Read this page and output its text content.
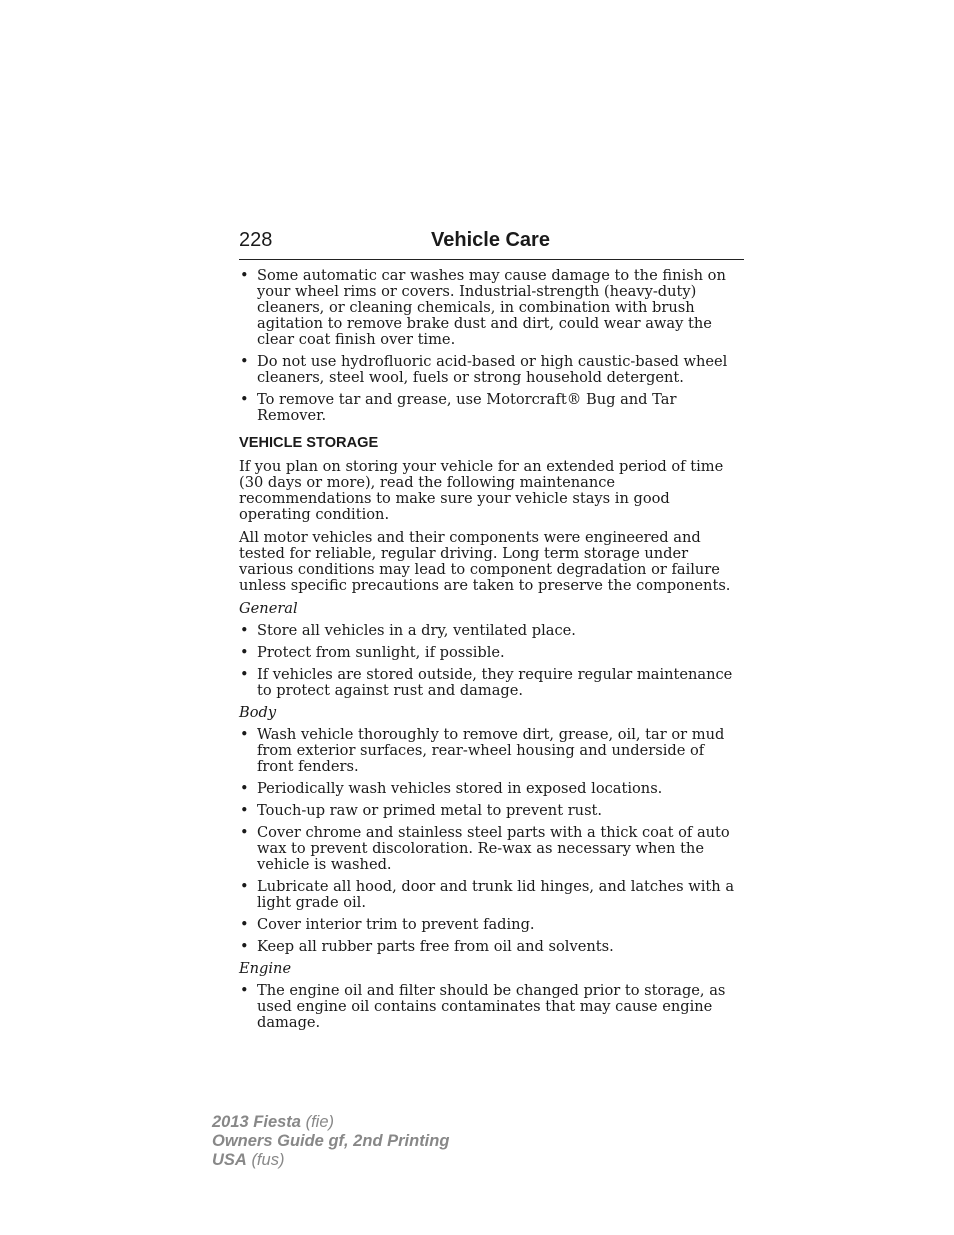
228	Vehicle Care
• Some automatic car washes may cause damage to the finish on your wheel rims or covers. Industrial-strength (heavy-duty) cleaners, or cleaning chemicals, in combination with brush agitation to remove brake dust and dirt, could wear away the clear coat finish over time.
• Do not use hydrofluoric acid-based or high caustic-based wheel cleaners, steel wool, fuels or strong household detergent.
• To remove tar and grease, use Motorcraft® Bug and Tar Remover.
VEHICLE STORAGE

If you plan on storing your vehicle for an extended period of time (30 days or more), read the following maintenance recommendations to make sure your vehicle stays in good operating condition.

All motor vehicles and their components were engineered and tested for reliable, regular driving. Long term storage under various conditions may lead to component degradation or failure unless specific precautions are taken to preserve the components.

General
• Store all vehicles in a dry, ventilated place.
• Protect from sunlight, if possible.
• If vehicles are stored outside, they require regular maintenance to protect against rust and damage.
Body
• Wash vehicle thoroughly to remove dirt, grease, oil, tar or mud from exterior surfaces, rear-wheel housing and underside of front fenders.
• Periodically wash vehicles stored in exposed locations.
• Touch-up raw or primed metal to prevent rust.
• Cover chrome and stainless steel parts with a thick coat of auto wax to prevent discoloration. Re-wax as necessary when the vehicle is washed.
• Lubricate all hood, door and trunk lid hinges, and latches with a light grade oil.
• Cover interior trim to prevent fading.
• Keep all rubber parts free from oil and solvents.
Engine
• The engine oil and filter should be changed prior to storage, as used engine oil contains contaminates that may cause engine damage.
2013 Fiesta (fie)
Owners Guide gf, 2nd Printing
USA (fus)
